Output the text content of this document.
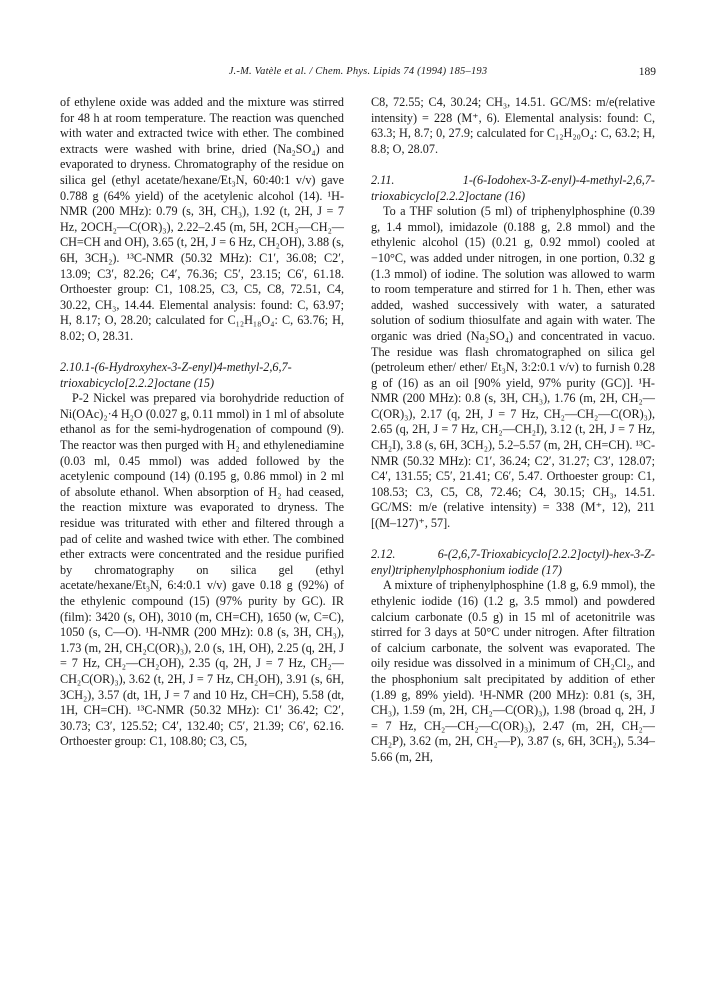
J.-M. Vatèle et al. / Chem. Phys. Lipids 74 (1994) 185–193	189

of ethylene oxide was added and the mixture was stirred for 48 h at room temperature. The reaction was quenched with water and extracted twice with ether. The combined extracts were washed with brine, dried (Na₂SO₄) and evaporated to dryness. Chromatography of the residue on silica gel (ethyl acetate/hexane/Et₃N, 60:40:1 v/v) gave 0.788 g (64% yield) of the acetylenic alcohol (14). ¹H-NMR (200 MHz): 0.79 (s, 3H, CH₃), 1.92 (t, 2H, J = 7 Hz, 2OCH₂—C(OR)₃), 2.22–2.45 (m, 5H, 2CH₃—CH₂—CH=CH and OH), 3.65 (t, 2H, J = 6 Hz, CH₂OH), 3.88 (s, 6H, 3CH₂). ¹³C-NMR (50.32 MHz): C1′, 36.08; C2′, 13.09; C3′, 82.26; C4′, 76.36; C5′, 23.15; C6′, 61.18. Orthoester group: C1, 108.25, C3, C5, C8, 72.51, C4, 30.22, CH₃, 14.44. Elemental analysis: found: C, 63.97; H, 8.17; O, 28.20; calculated for C₁₂H₁₈O₄: C, 63.76; H, 8.02; O, 28.31.

2.10.1-(6-Hydroxyhex-3-Z-enyl)4-methyl-2,6,7-trioxabicyclo[2.2.2]octane (15)

P-2 Nickel was prepared via borohydride reduction of Ni(OAc)₂·4 H₂O (0.027 g, 0.11 mmol) in 1 ml of absolute ethanol as for the semi-hydrogenation of compound (9). The reactor was then purged with H₂ and ethylenediamine (0.03 ml, 0.45 mmol) was added followed by the acetylenic compound (14) (0.195 g, 0.86 mmol) in 2 ml of absolute ethanol. When absorption of H₂ had ceased, the reaction mixture was evaporated to dryness. The residue was triturated with ether and filtered through a pad of celite and washed twice with ether. The combined ether extracts were concentrated and the residue purified by chromatography on silica gel (ethyl acetate/hexane/Et₃N, 6:4:0.1 v/v) gave 0.18 g (92%) of the ethylenic compound (15) (97% purity by GC). IR (film): 3420 (s, OH), 3010 (m, CH=CH), 1650 (w, C=C), 1050 (s, C—O). ¹H-NMR (200 MHz): 0.8 (s, 3H, CH₃), 1.73 (m, 2H, CH₂C(OR)₃), 2.0 (s, 1H, OH), 2.25 (q, 2H, J = 7 Hz, CH₂—CH₂OH), 2.35 (q, 2H, J = 7 Hz, CH₂—CH₂C(OR)₃), 3.62 (t, 2H, J = 7 Hz, CH₂OH), 3.91 (s, 6H, 3CH₂), 3.57 (dt, 1H, J = 7 and 10 Hz, CH=CH), 5.58 (dt, 1H, CH=CH). ¹³C-NMR (50.32 MHz): C1′ 36.42; C2′, 30.73; C3′, 125.52; C4′, 132.40; C5′, 21.39; C6′, 62.16. Orthoester group: C1, 108.80; C3, C5,

C8, 72.55; C4, 30.24; CH₃, 14.51. GC/MS: m/e(relative intensity) = 228 (M⁺, 6). Elemental analysis: found: C, 63.3; H, 8.7; 0, 27.9; calculated for C₁₂H₂₀O₄: C, 63.2; H, 8.8; O, 28.07.

2.11. 1-(6-Iodohex-3-Z-enyl)-4-methyl-2,6,7-trioxabicyclo[2.2.2]octane (16)

To a THF solution (5 ml) of triphenylphosphine (0.39 g, 1.4 mmol), imidazole (0.188 g, 2.8 mmol) and the ethylenic alcohol (15) (0.21 g, 0.92 mmol) cooled at −10°C, was added under nitrogen, in one portion, 0.32 g (1.3 mmol) of iodine. The solution was allowed to warm to room temperature and stirred for 1 h. Then, ether was added, washed successively with water, a saturated solution of sodium thiosulfate and again with water. The organic was dried (Na₂SO₄) and concentrated in vacuo. The residue was flash chromatographed on silica gel (petroleum ether/ ether/ Et₃N, 3:2:0.1 v/v) to furnish 0.28 g of (16) as an oil [90% yield, 97% purity (GC)]. ¹H-NMR (200 MHz): 0.8 (s, 3H, CH₃), 1.76 (m, 2H, CH₂—C(OR)₃), 2.17 (q, 2H, J = 7 Hz, CH₂—CH₂—C(OR)₃), 2.65 (q, 2H, J = 7 Hz, CH₂—CH₂I), 3.12 (t, 2H, J = 7 Hz, CH₂I), 3.8 (s, 6H, 3CH₂), 5.2–5.57 (m, 2H, CH=CH). ¹³C-NMR (50.32 MHz): C1′, 36.24; C2′, 31.27; C3′, 128.07; C4′, 131.55; C5′, 21.41; C6′, 5.47. Orthoester group: C1, 108.53; C3, C5, C8, 72.46; C4, 30.15; CH₃, 14.51. GC/MS: m/e (relative intensity) = 338 (M⁺, 12), 211 [(M–127)⁺, 57].

2.12. 6-(2,6,7-Trioxabicyclo[2.2.2]octyl)-hex-3-Z-enyl)triphenylphosphonium iodide (17)

A mixture of triphenylphosphine (1.8 g, 6.9 mmol), the ethylenic iodide (16) (1.2 g, 3.5 mmol) and powdered calcium carbonate (0.5 g) in 15 ml of acetonitrile was stirred for 3 days at 50°C under nitrogen. After filtration of calcium carbonate, the solvent was evaporated. The oily residue was dissolved in a minimum of CH₂Cl₂, and the phosphonium salt precipitated by addition of ether (1.89 g, 89% yield). ¹H-NMR (200 MHz): 0.81 (s, 3H, CH₃), 1.59 (m, 2H, CH₂—C(OR)₃), 1.98 (broad q, 2H, J = 7 Hz, CH₂—CH₂—C(OR)₃), 2.47 (m, 2H, CH₂—CH₂P), 3.62 (m, 2H, CH₂—P), 3.87 (s, 6H, 3CH₂), 5.34–5.66 (m, 2H,
